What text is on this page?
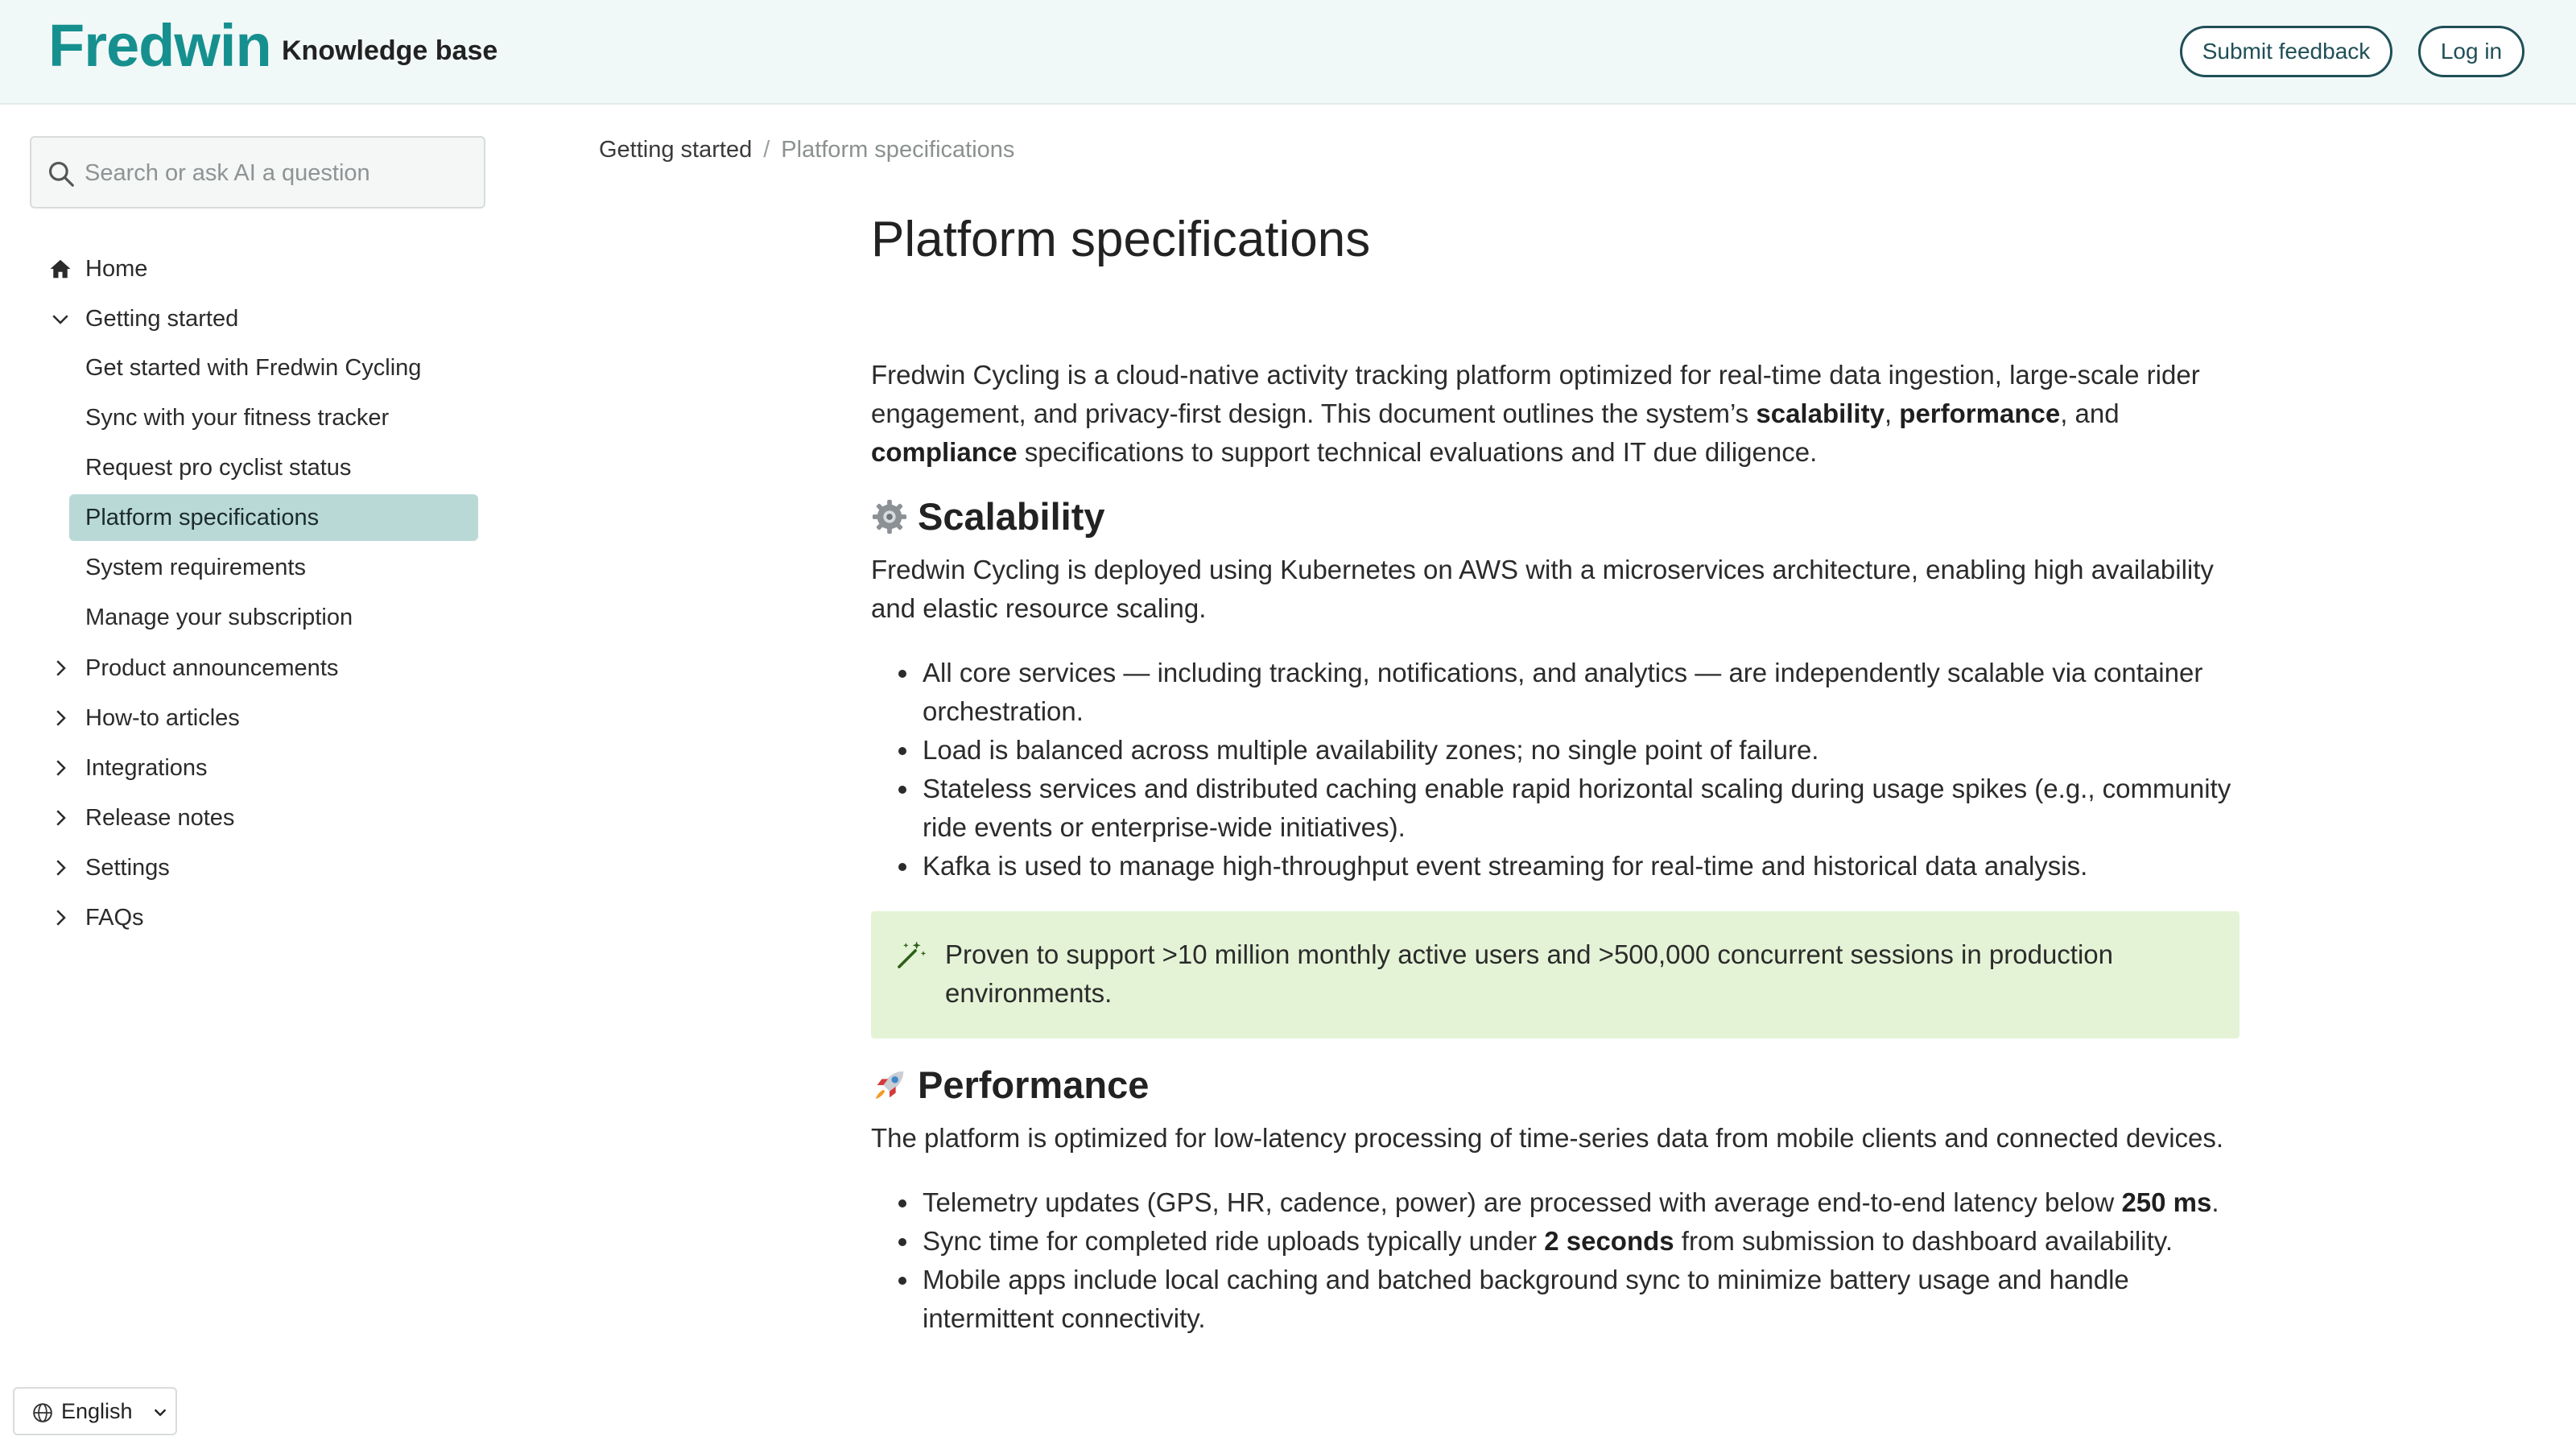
Fredwin Knowledge base	Submit feedback	Log in
Search or ask AI a question
Home
Getting started
Get started with Fredwin Cycling
Sync with your fitness tracker
Request pro cyclist status
Platform specifications
System requirements
Manage your subscription
Product announcements
How-to articles
Integrations
Release notes
Settings
FAQs
English
Getting started / Platform specifications
Platform specifications

Fredwin Cycling is a cloud-native activity tracking platform optimized for real-time data ingestion, large-scale rider engagement, and privacy-first design. This document outlines the system’s scalability, performance, and compliance specifications to support technical evaluations and IT due diligence.

Scalability

Fredwin Cycling is deployed using Kubernetes on AWS with a microservices architecture, enabling high availability and elastic resource scaling.

All core services — including tracking, notifications, and analytics — are independently scalable via container orchestration.
Load is balanced across multiple availability zones; no single point of failure.
Stateless services and distributed caching enable rapid horizontal scaling during usage spikes (e.g., community ride events or enterprise-wide initiatives).
Kafka is used to manage high-throughput event streaming for real-time and historical data analysis.

Proven to support >10 million monthly active users and >500,000 concurrent sessions in production environments.

Performance

The platform is optimized for low-latency processing of time-series data from mobile clients and connected devices.

Telemetry updates (GPS, HR, cadence, power) are processed with average end-to-end latency below 250 ms.
Sync time for completed ride uploads typically under 2 seconds from submission to dashboard availability.
Mobile apps include local caching and batched background sync to minimize battery usage and handle intermittent connectivity.
